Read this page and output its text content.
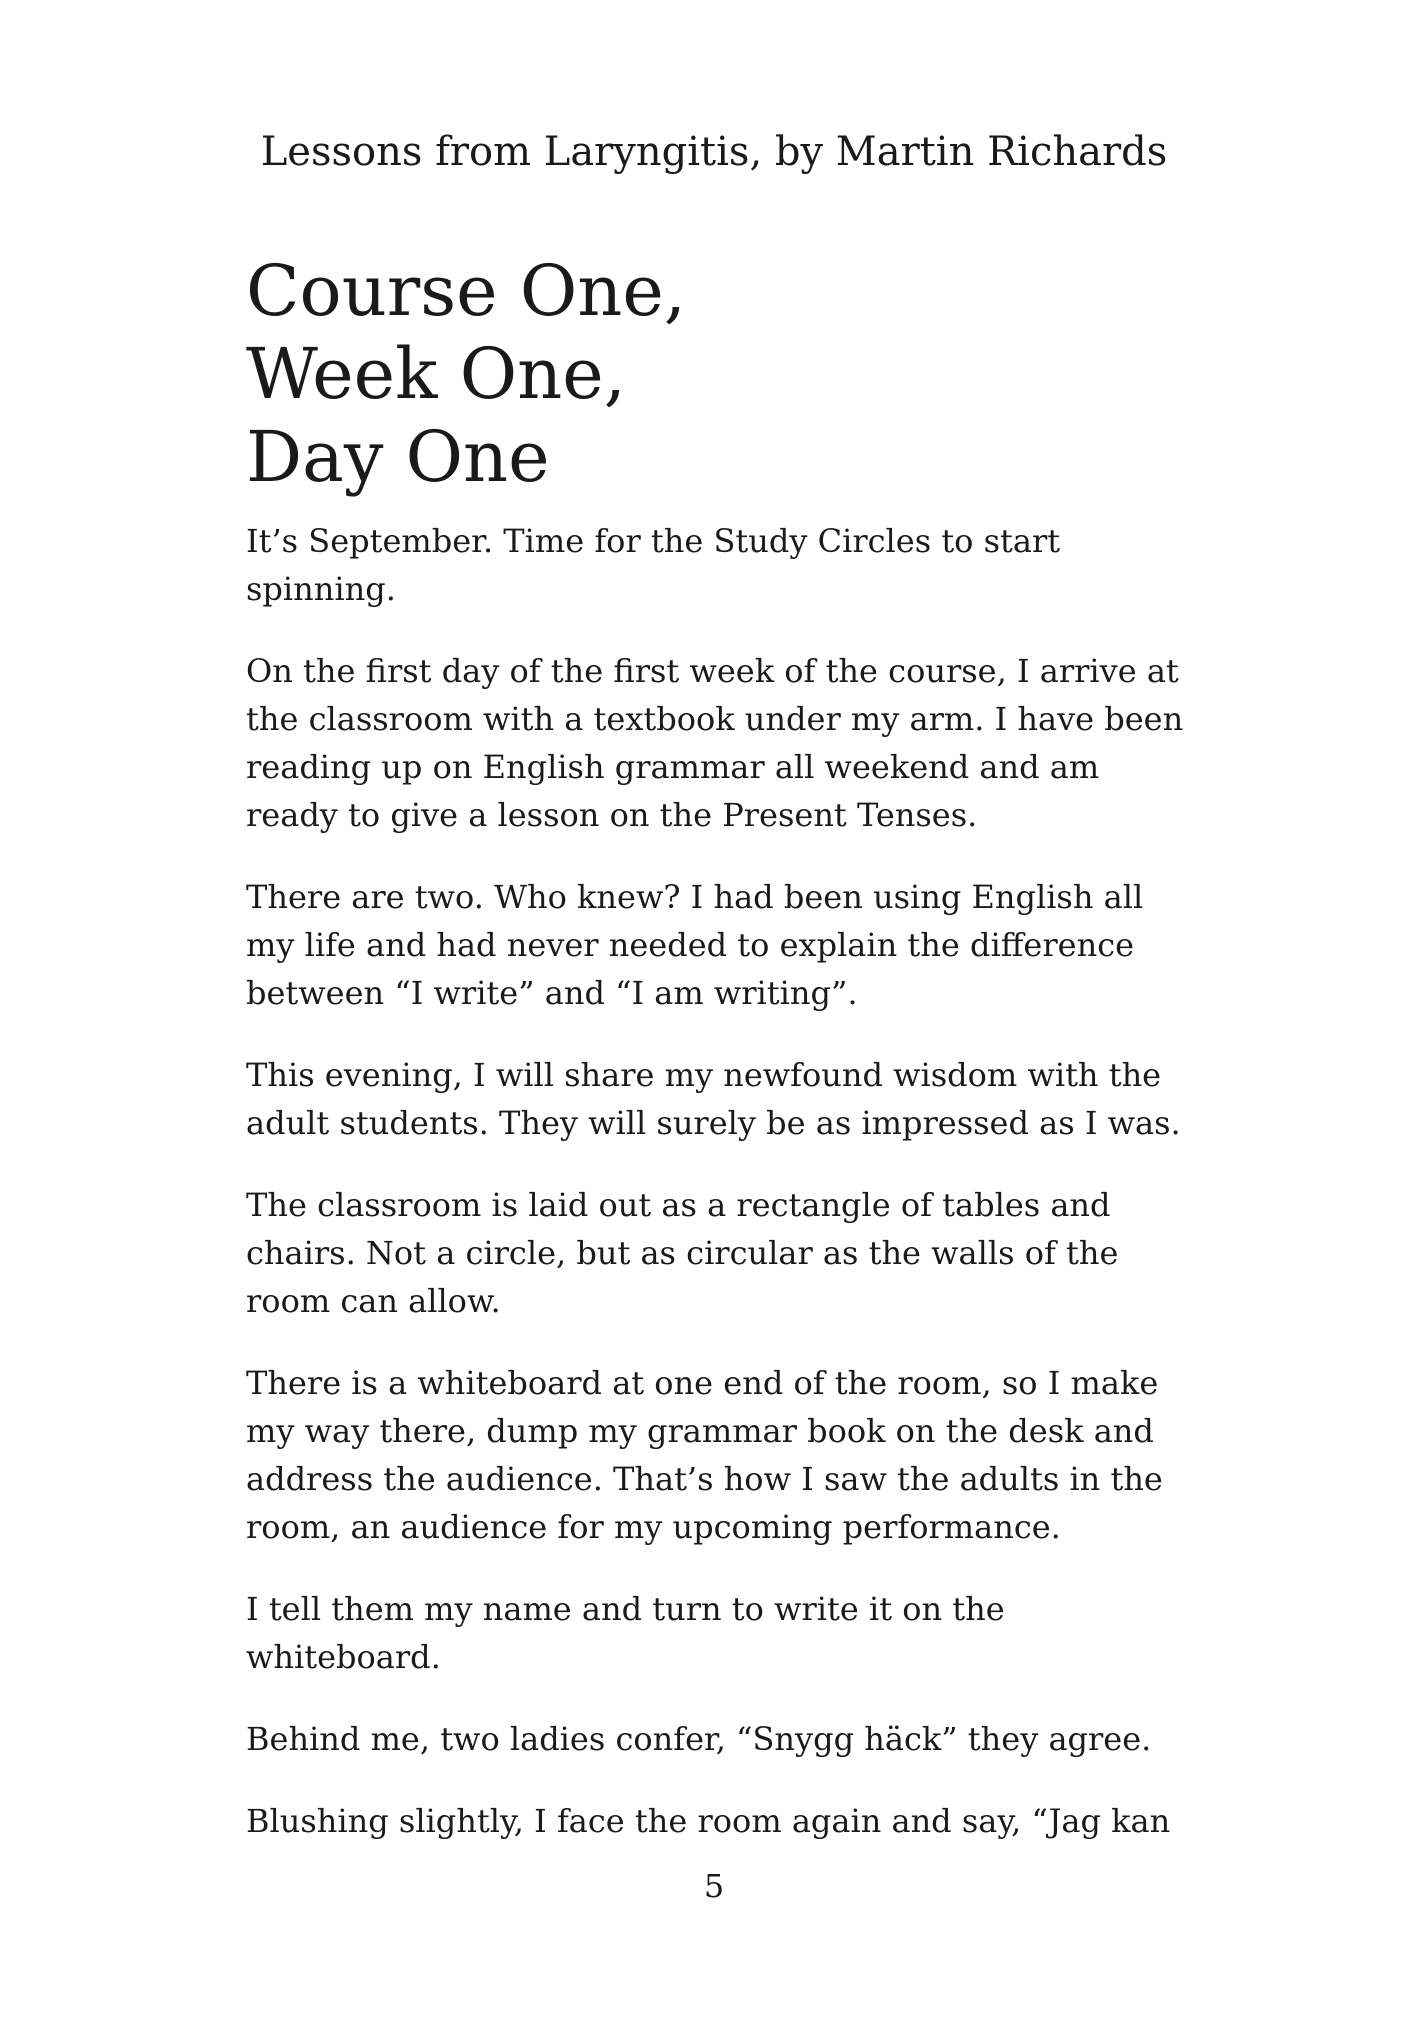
Lessons from Laryngitis, by Martin Richards
Course One,
Week One,
Day One

It’s September. Time for the Study Circles to start spinning.

On the first day of the first week of the course, I arrive at the classroom with a textbook under my arm. I have been reading up on English grammar all weekend and am ready to give a lesson on the Present Tenses.

There are two. Who knew? I had been using English all my life and had never needed to explain the difference between “I write” and “I am writing”.

This evening, I will share my newfound wisdom with the adult students. They will surely be as impressed as I was.

The classroom is laid out as a rectangle of tables and chairs. Not a circle, but as circular as the walls of the room can allow.

There is a whiteboard at one end of the room, so I make my way there, dump my grammar book on the desk and address the audience. That’s how I saw the adults in the room, an audience for my upcoming performance.

I tell them my name and turn to write it on the whiteboard.

Behind me, two ladies confer, “Snygg häck” they agree.

Blushing slightly, I face the room again and say, “Jag kan

5
